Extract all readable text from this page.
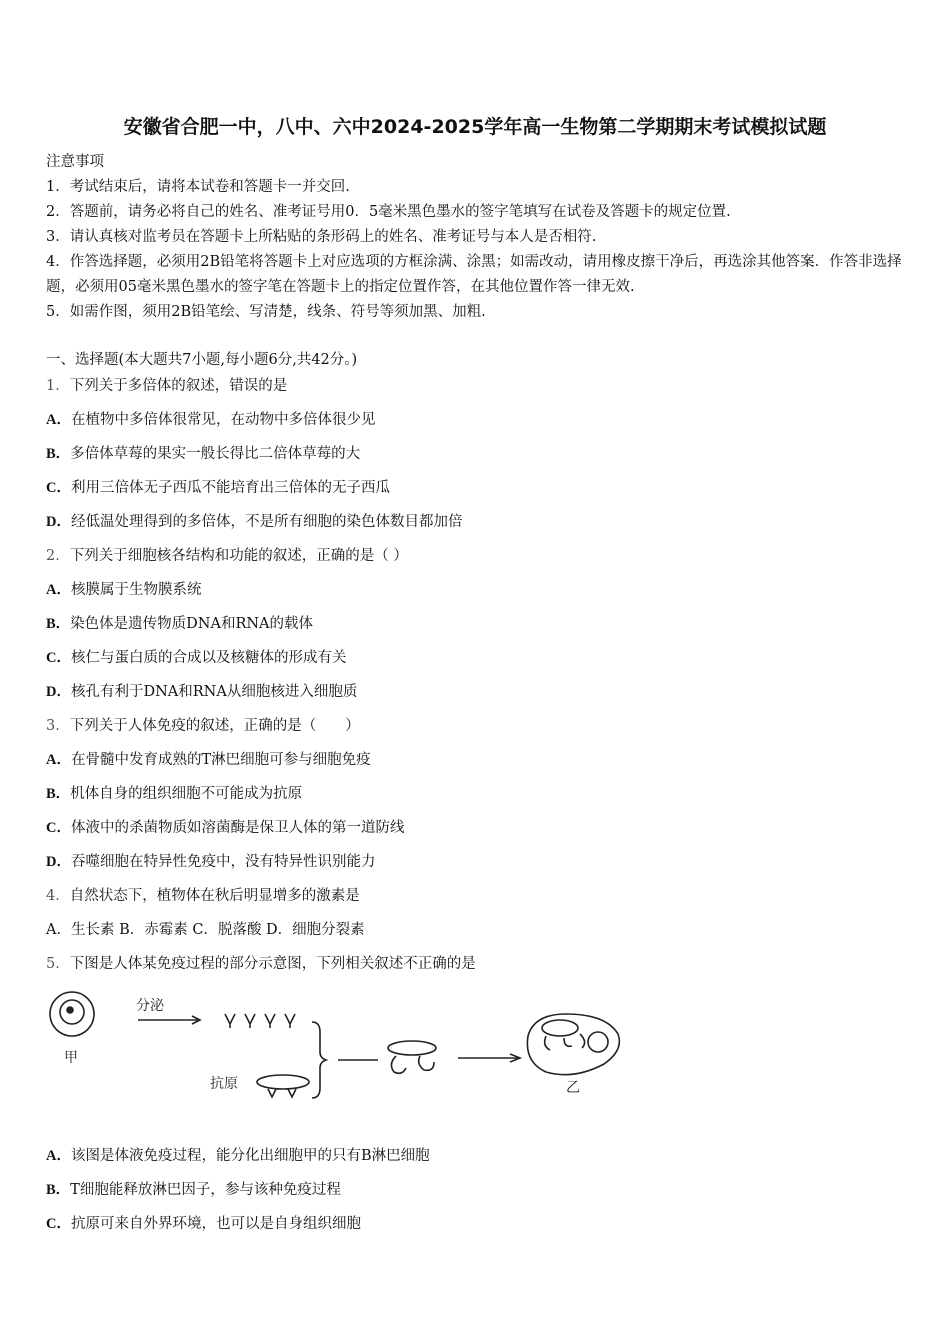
安徽省合肥一中，八中、六中2024-2025学年高一生物第二学期期末考试模拟试题

注意事项

1．考试结束后，请将本试卷和答题卡一并交回.

2．答题前，请务必将自己的姓名、准考证号用0．5毫米黑色墨水的签字笔填写在试卷及答题卡的规定位置.

3．请认真核对监考员在答题卡上所粘贴的条形码上的姓名、准考证号与本人是否相符.

4．作答选择题，必须用2B铅笔将答题卡上对应选项的方框涂满、涂黑；如需改动，请用橡皮擦干净后，再选涂其他答案．作答非选择题，必须用05毫米黑色墨水的签字笔在答题卡上的指定位置作答，在其他位置作答一律无效.

5．如需作图，须用2B铅笔绘、写清楚，线条、符号等须加黑、加粗.

一、选择题(本大题共7小题,每小题6分,共42分。)
1．下列关于多倍体的叙述，错误的是
A．在植物中多倍体很常见，在动物中多倍体很少见
B．多倍体草莓的果实一般长得比二倍体草莓的大
C．利用三倍体无子西瓜不能培育出三倍体的无子西瓜
D．经低温处理得到的多倍体，不是所有细胞的染色体数目都加倍
2．下列关于细胞核各结构和功能的叙述，正确的是（ ）
A．核膜属于生物膜系统
B．染色体是遗传物质DNA和RNA的载体
C．核仁与蛋白质的合成以及核糖体的形成有关
D．核孔有利于DNA和RNA从细胞核进入细胞质
3．下列关于人体免疫的叙述，正确的是（　　）
A．在骨髓中发育成熟的T淋巴细胞可参与细胞免疫
B．机体自身的组织细胞不可能成为抗原
C．体液中的杀菌物质如溶菌酶是保卫人体的第一道防线
D．吞噬细胞在特异性免疫中，没有特异性识别能力
4．自然状态下，植物体在秋后明显增多的激素是
A．生长素 B．赤霉素 C．脱落酸 D．细胞分裂素
5．下图是人体某免疫过程的部分示意图，下列相关叙述不正确的是
分泌
甲
抗原	乙
A．该图是体液免疫过程，能分化出细胞甲的只有B淋巴细胞
B．T细胞能释放淋巴因子，参与该种免疫过程
C．抗原可来自外界环境，也可以是自身组织细胞
